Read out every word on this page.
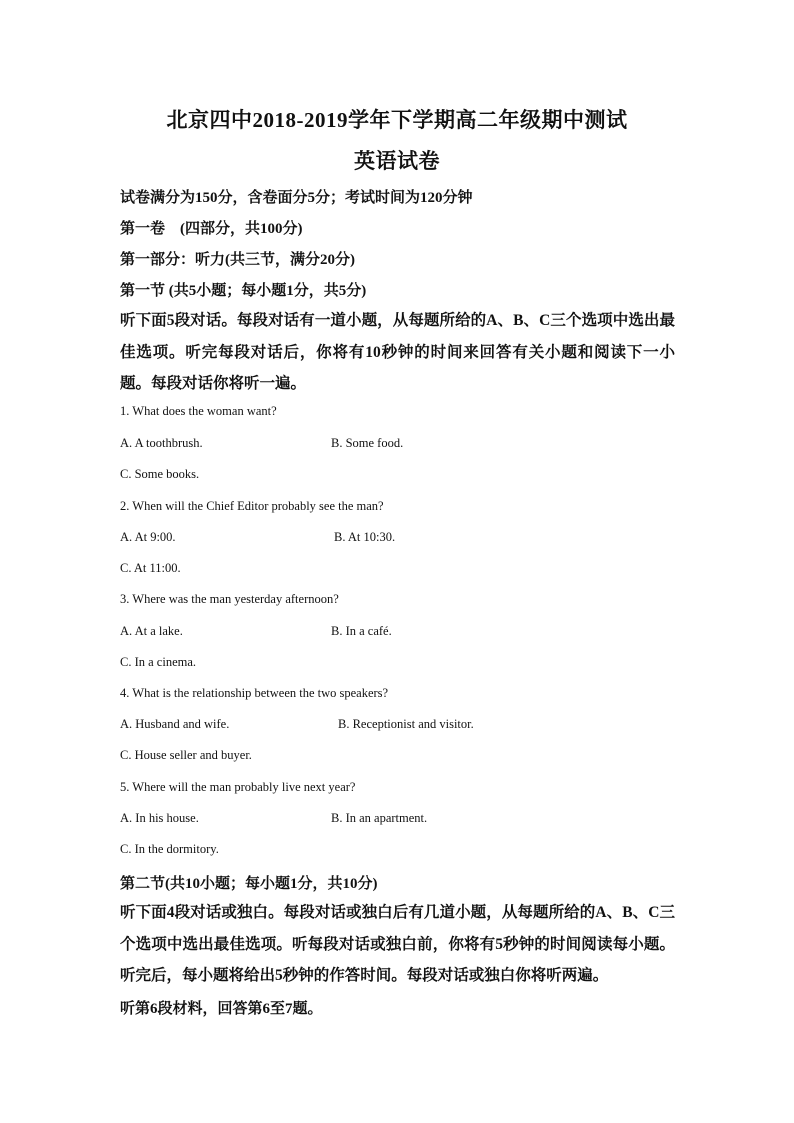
北京四中2018-2019学年下学期高二年级期中测试
英语试卷
试卷满分为150分，含卷面分5分；考试时间为120分钟
第一卷　(四部分，共100分)
第一部分：听力(共三节，满分20分)
第一节 (共5小题；每小题1分，共5分)
听下面5段对话。每段对话有一道小题，从每题所给的A、B、C三个选项中选出最佳选项。听完每段对话后，你将有10秒钟的时间来回答有关小题和阅读下一小题。每段对话你将听一遍。
1. What does the woman want?
A. A toothbrush.	B. Some food.
C. Some books.
2. When will the Chief Editor probably see the man?
A. At 9:00.	B. At 10:30.
C. At 11:00.
3. Where was the man yesterday afternoon?
A. At a lake.	B. In a café.
C. In a cinema.
4. What is the relationship between the two speakers?
A. Husband and wife.	B. Receptionist and visitor.
C. House seller and buyer.
5. Where will the man probably live next year?
A. In his house.	B. In an apartment.
C. In the dormitory.
第二节(共10小题；每小题1分，共10分)
听下面4段对话或独白。每段对话或独白后有几道小题，从每题所给的A、B、C三个选项中选出最佳选项。听每段对话或独白前，你将有5秒钟的时间阅读每小题。听完后，每小题将给出5秒钟的作答时间。每段对话或独白你将听两遍。
听第6段材料，回答第6至7题。
